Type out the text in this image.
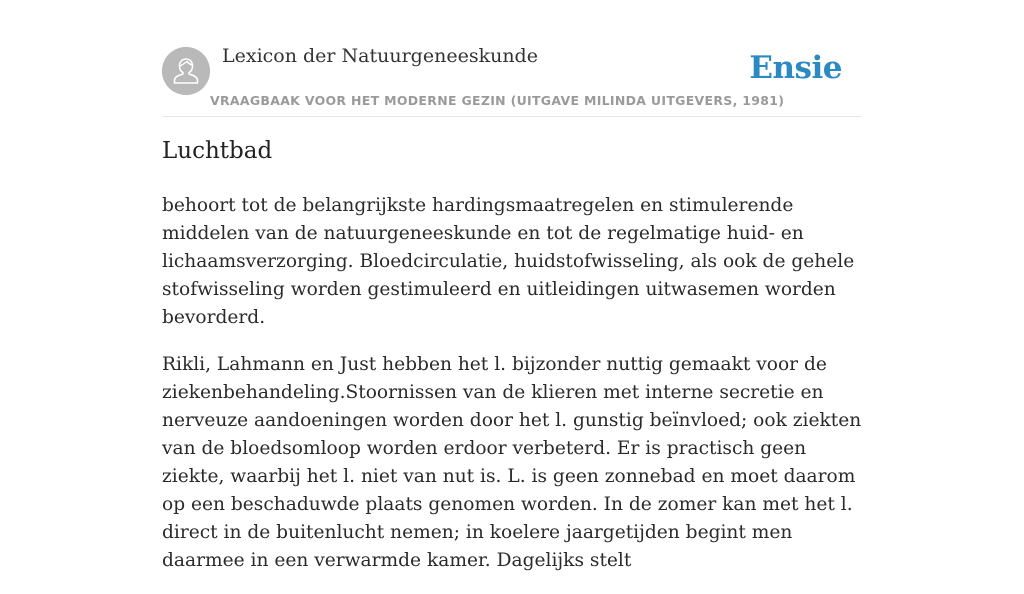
Lexicon der Natuurgeneeskunde
VRAAGBAAK VOOR HET MODERNE GEZIN (UITGAVE MILINDA UITGEVERS, 1981)
Ensie
Luchtbad

behoort tot de belangrijkste hardingsmaatregelen en stimulerende middelen van de natuurgeneeskunde en tot de regelmatige huid- en lichaamsverzorging. Bloedcirculatie, huidstofwisseling, als ook de gehele stofwisseling worden gestimuleerd en uitleidingen uitwasemen worden bevorderd.

Rikli, Lahmann en Just hebben het l. bijzonder nuttig gemaakt voor de ziekenbehandeling.Stoornissen van de klieren met interne secretie en nerveuze aandoeningen worden door het l. gunstig beïnvloed; ook ziekten van de bloedsomloop worden erdoor verbeterd. Er is practisch geen ziekte, waarbij het l. niet van nut is. L. is geen zonnebad en moet daarom op een beschaduwde plaats genomen worden. In de zomer kan met het l. direct in de buitenlucht nemen; in koelere jaargetijden begint men daarmee in een verwarmde kamer. Dagelijks stelt
